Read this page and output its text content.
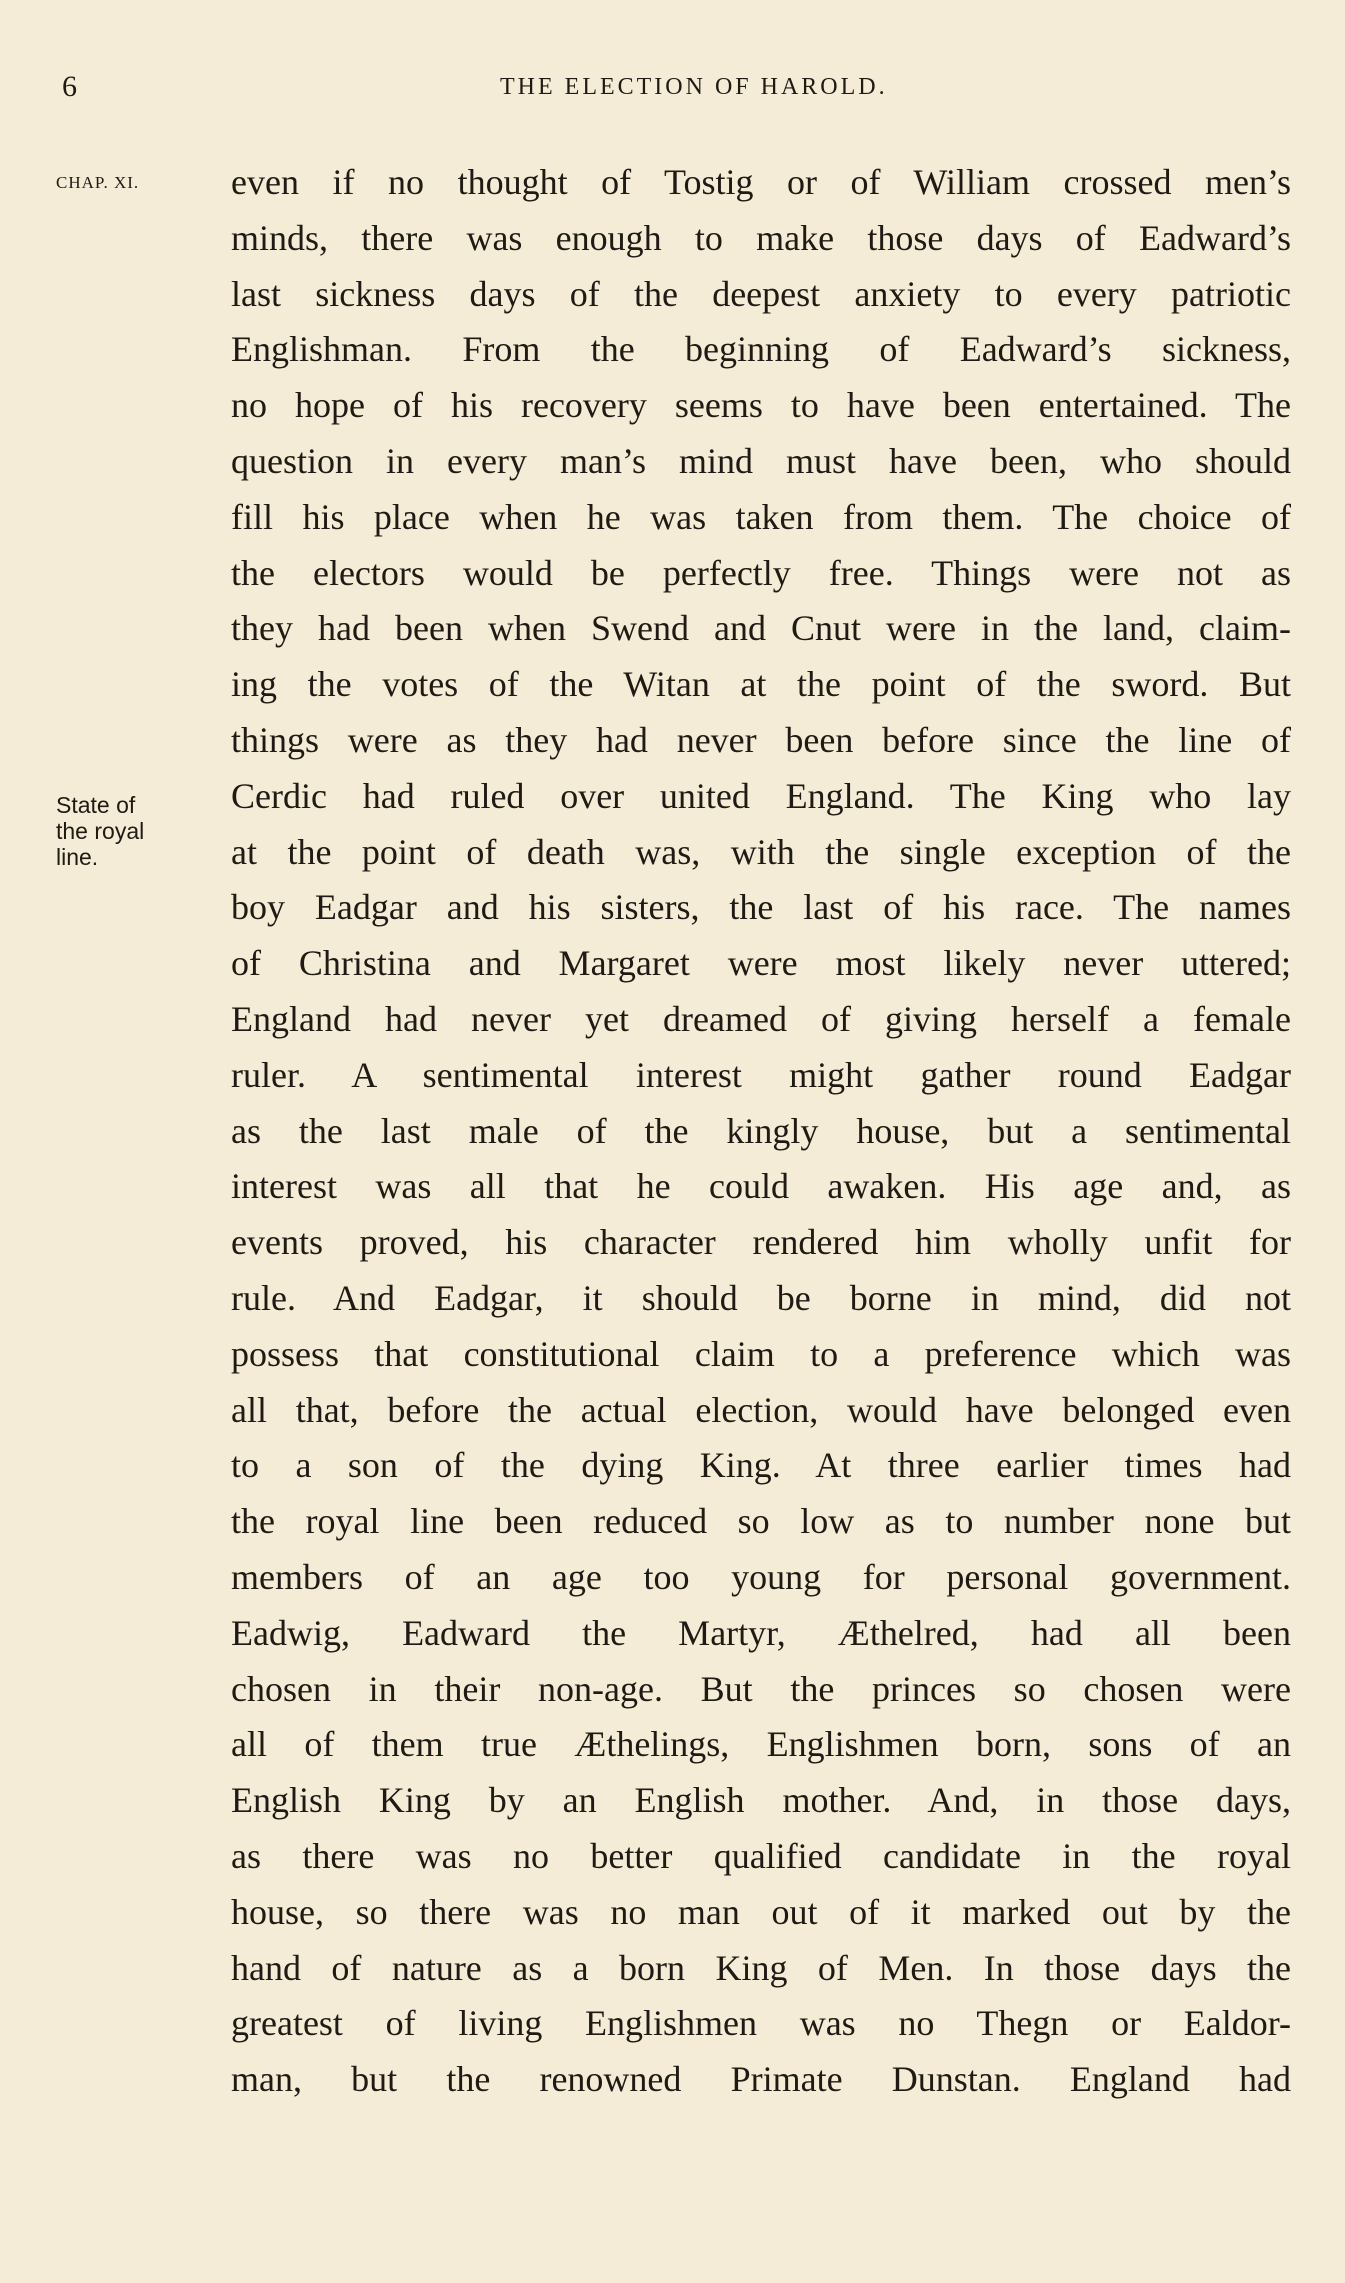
6	THE ELECTION OF HAROLD.
CHAP. XI.
State of
the royal
line.
even if no thought of Tostig or of William crossed men’s
minds, there was enough to make those days of Eadward’s
last sickness days of the deepest anxiety to every patriotic
Englishman. From the beginning of Eadward’s sickness,
no hope of his recovery seems to have been entertained. The
question in every man’s mind must have been, who should
fill his place when he was taken from them. The choice of
the electors would be perfectly free. Things were not as
they had been when Swend and Cnut were in the land, claim-
ing the votes of the Witan at the point of the sword. But
things were as they had never been before since the line of
Cerdic had ruled over united England. The King who lay
at the point of death was, with the single exception of the
boy Eadgar and his sisters, the last of his race. The names
of Christina and Margaret were most likely never uttered;
England had never yet dreamed of giving herself a female
ruler. A sentimental interest might gather round Eadgar
as the last male of the kingly house, but a sentimental
interest was all that he could awaken. His age and, as
events proved, his character rendered him wholly unfit for
rule. And Eadgar, it should be borne in mind, did not
possess that constitutional claim to a preference which was
all that, before the actual election, would have belonged even
to a son of the dying King. At three earlier times had
the royal line been reduced so low as to number none but
members of an age too young for personal government.
Eadwig, Eadward the Martyr, Æthelred, had all been
chosen in their non-age. But the princes so chosen were
all of them true Æthelings, Englishmen born, sons of an
English King by an English mother. And, in those days,
as there was no better qualified candidate in the royal
house, so there was no man out of it marked out by the
hand of nature as a born King of Men. In those days the
greatest of living Englishmen was no Thegn or Ealdor-
man, but the renowned Primate Dunstan. England had
